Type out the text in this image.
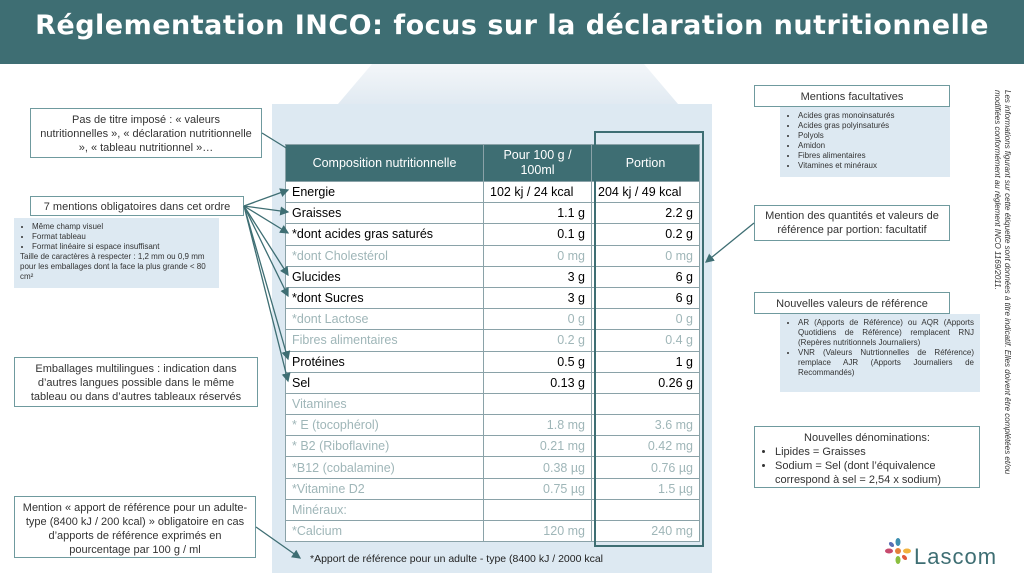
Réglementation INCO: focus sur la déclaration nutritionnelle
Composition nutritionnelle	Pour 100 g / 100ml	Portion
Energie	102 kj / 24 kcal	204 kj / 49 kcal
Graisses	1.1 g	2.2 g
*dont acides gras saturés	0.1 g	0.2 g
*dont Cholestérol	0 mg	0 mg
Glucides	3 g	6 g
*dont Sucres	3 g	6 g
*dont Lactose	0 g	0 g
Fibres alimentaires	0.2 g	0.4 g
Protéines	0.5 g	1 g
Sel	0.13 g	0.26 g
Vitamines		
* E (tocophérol)	1.8 mg	3.6 mg
* B2 (Riboflavine)	0.21 mg	0.42 mg
*B12 (cobalamine)	0.38 µg	0.76 µg
*Vitamine D2	0.75 µg	1.5 µg
Minéraux:		
*Calcium	120 mg	240 mg
*Apport de référence pour un adulte - type (8400 kJ / 2000 kcal
Pas de titre imposé : « valeurs nutritionnelles », « déclaration nutritionnelle », « tableau nutritionnel »…
7 mentions obligatoires dans cet ordre
• Même champ visuel
• Format tableau
• Format linéaire si espace insuffisant
Taille de caractères à respecter : 1,2 mm ou 0,9 mm pour les emballages dont la face la plus grande < 80 cm²
Emballages multilingues : indication dans d’autres langues possible dans le même tableau ou dans d’autres tableaux réservés
Mention « apport de référence pour un adulte-type (8400 kJ / 200 kcal) » obligatoire en cas d’apports de référence exprimés en pourcentage par 100 g / ml
Mentions facultatives
• Acides gras monoinsaturés
• Acides gras polyinsaturés
• Polyols
• Amidon
• Fibres alimentaires
• Vitamines et minéraux
Mention des quantités et valeurs de référence par portion: facultatif
Nouvelles valeurs de référence
• AR (Apports de Référence) ou AQR (Apports Quotidiens de Référence) remplacent RNJ (Repères nutritionnels Journaliers)
• VNR (Valeurs Nutrtionnelles de Référence) remplace AJR (Apports Journaliers de Recommandés)
Nouvelles dénominations:
• Lipides = Graisses
• Sodium = Sel (dont l’équivalence correspond à sel = 2,54 x sodium)
Les informations figurant sur cette étiquette sont données à titre indicatif. Elles doivent être complétées et/ou modifiées conformément au règlement INCO 1169/2011.
Lascom
